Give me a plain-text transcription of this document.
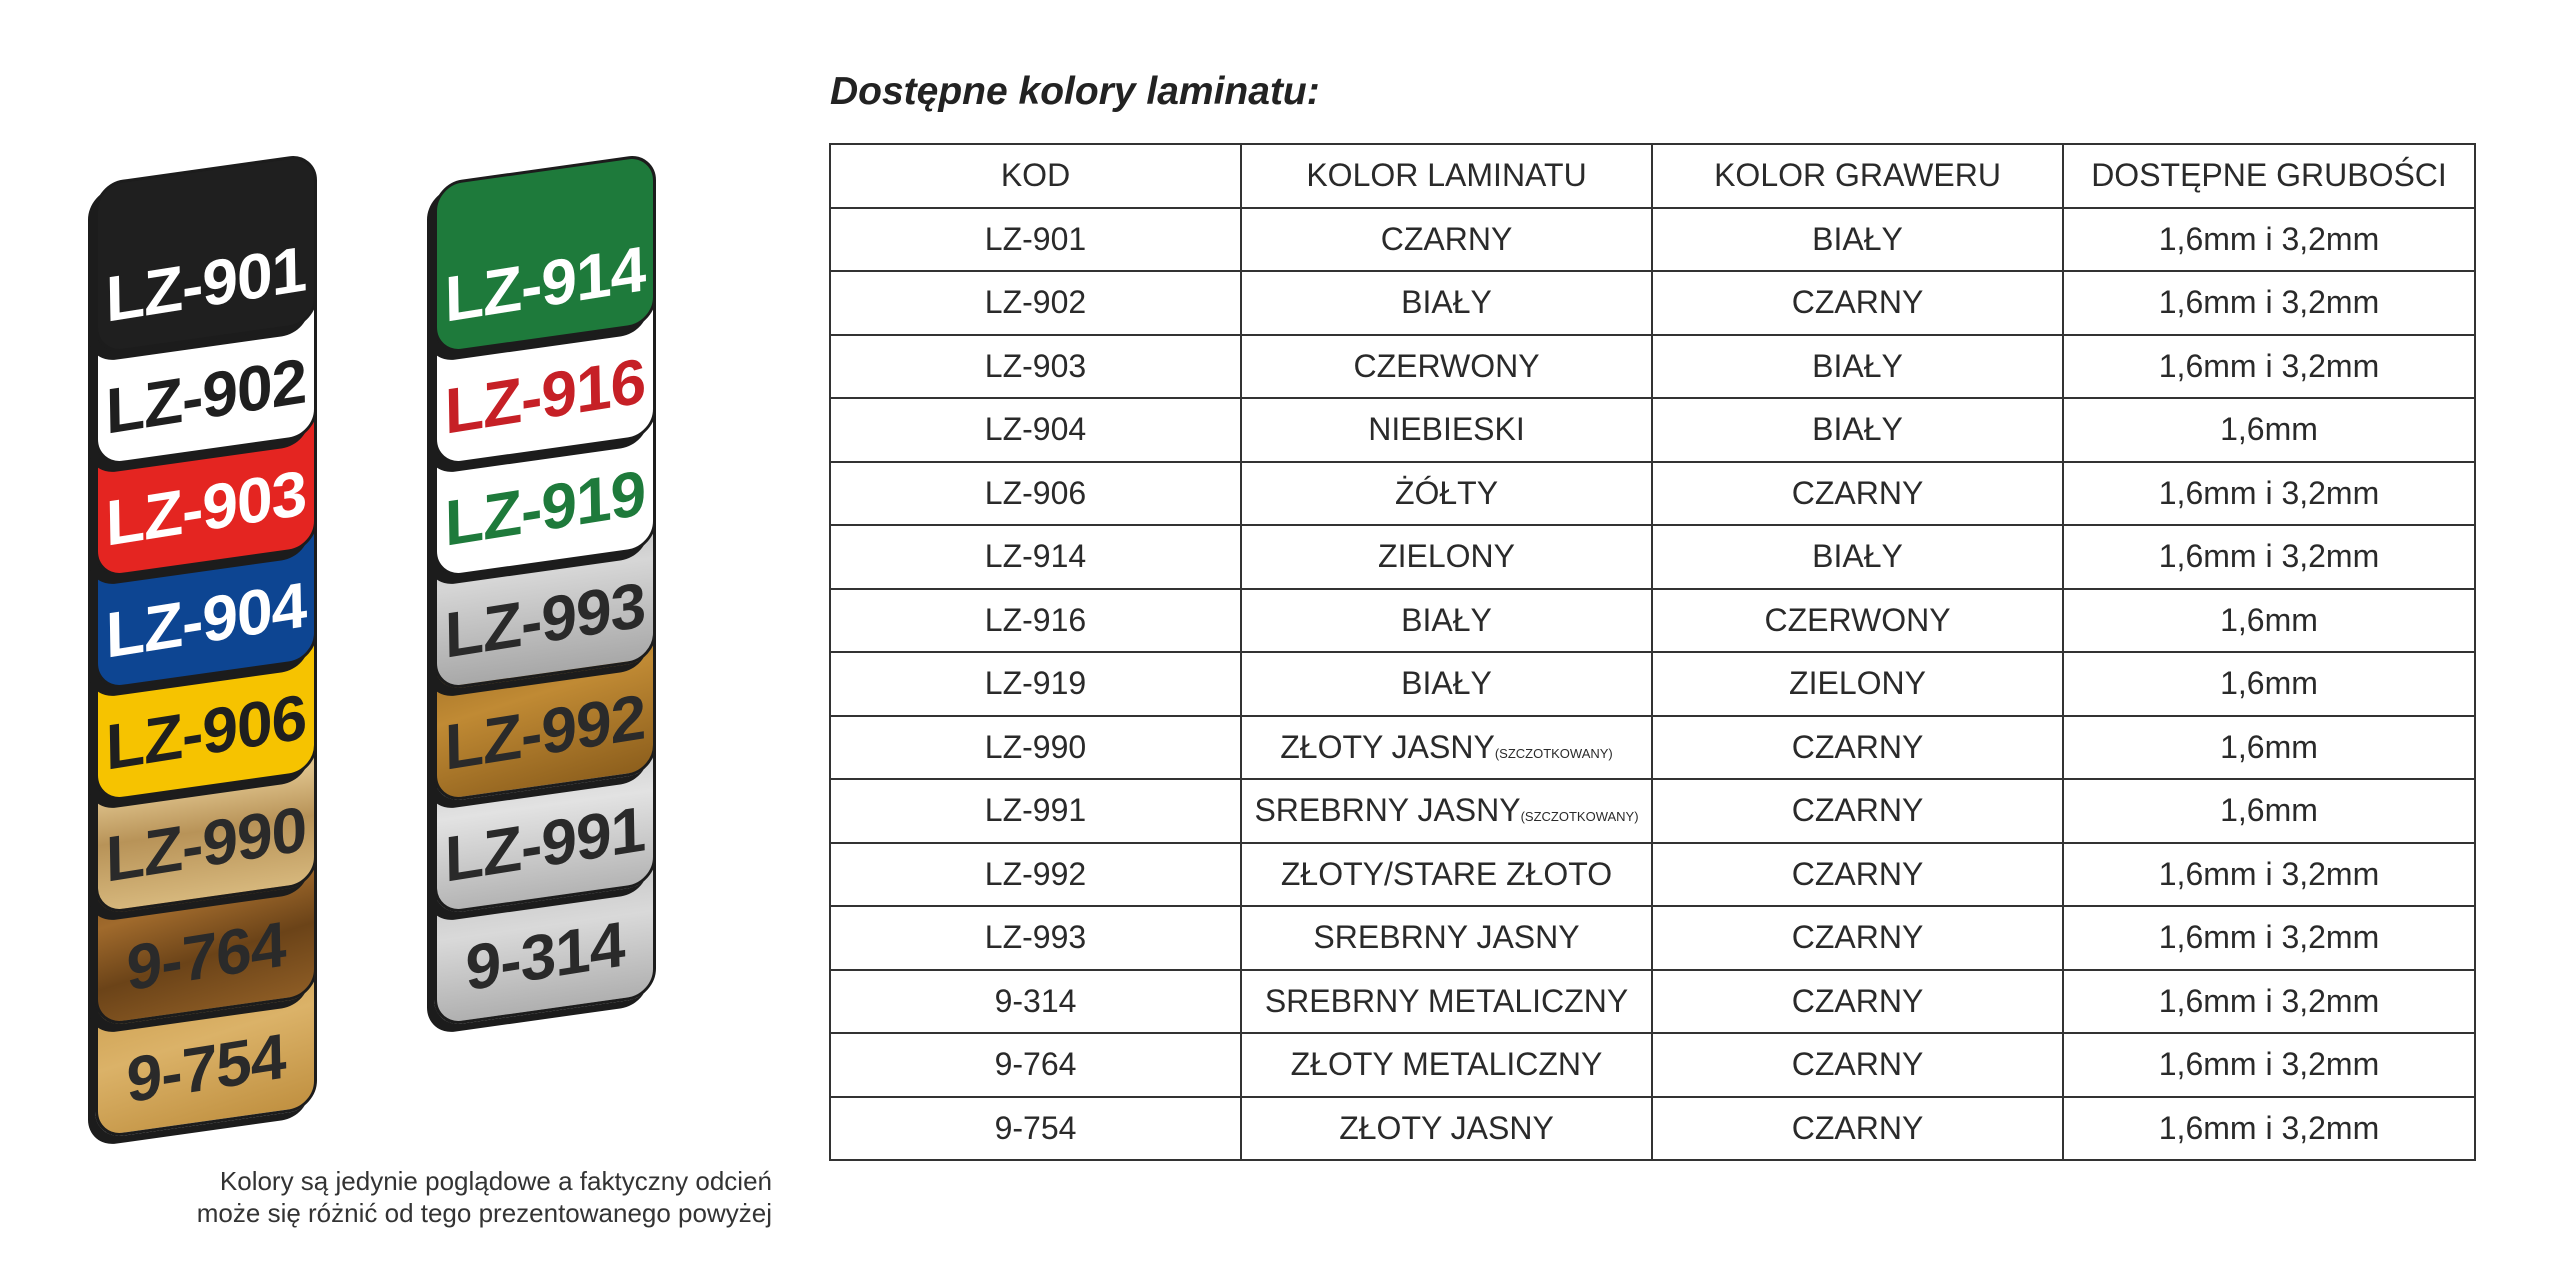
LZ-901
LZ-902
LZ-903
LZ-904
LZ-906
LZ-990
9-764
9-754
LZ-914
LZ-916
LZ-919
LZ-993
LZ-992
LZ-991
9-314
Kolory są jedynie poglądowe a faktyczny odcień
może się różnić od tego prezentowanego powyżej
Dostępne kolory laminatu:
KOD	KOLOR LAMINATU	KOLOR GRAWERU	DOSTĘPNE GRUBOŚCI
LZ-901	CZARNY	BIAŁY	1,6mm i 3,2mm
LZ-902	BIAŁY	CZARNY	1,6mm i 3,2mm
LZ-903	CZERWONY	BIAŁY	1,6mm i 3,2mm
LZ-904	NIEBIESKI	BIAŁY	1,6mm
LZ-906	ŻÓŁTY	CZARNY	1,6mm i 3,2mm
LZ-914	ZIELONY	BIAŁY	1,6mm i 3,2mm
LZ-916	BIAŁY	CZERWONY	1,6mm
LZ-919	BIAŁY	ZIELONY	1,6mm
LZ-990	ZŁOTY JASNY(SZCZOTKOWANY)	CZARNY	1,6mm
LZ-991	SREBRNY JASNY(SZCZOTKOWANY)	CZARNY	1,6mm
LZ-992	ZŁOTY/STARE ZŁOTO	CZARNY	1,6mm i 3,2mm
LZ-993	SREBRNY JASNY	CZARNY	1,6mm i 3,2mm
9-314	SREBRNY METALICZNY	CZARNY	1,6mm i 3,2mm
9-764	ZŁOTY METALICZNY	CZARNY	1,6mm i 3,2mm
9-754	ZŁOTY JASNY	CZARNY	1,6mm i 3,2mm
